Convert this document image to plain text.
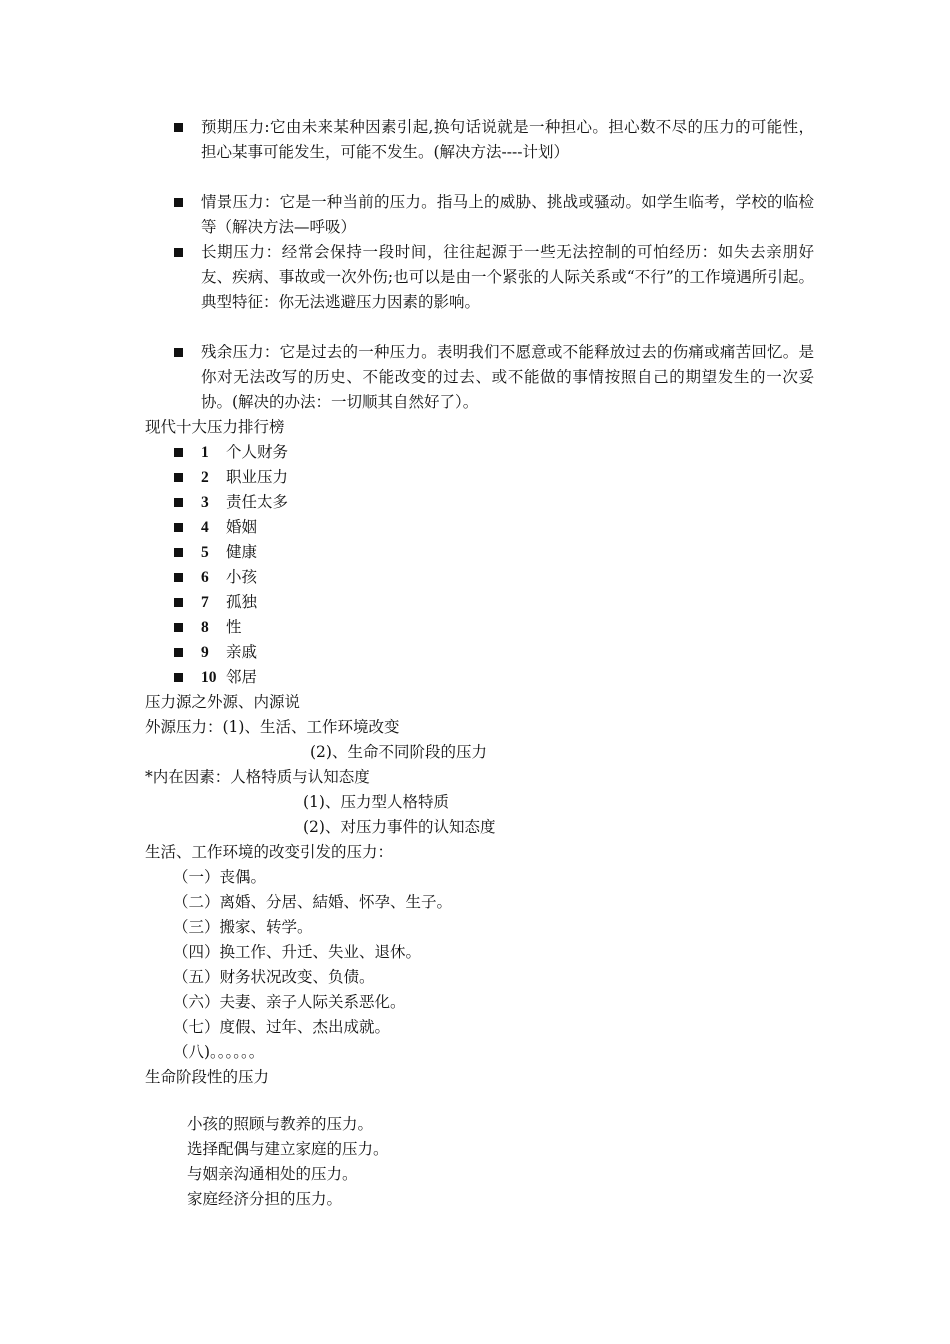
预期压力:它由未来某种因素引起,换句话说就是一种担心。担心数不尽的压力的可能性，担心某事可能发生，可能不发生。(解决方法----计划）
情景压力：它是一种当前的压力。指马上的威胁、挑战或骚动。如学生临考，学校的临检等（解决方法—呼吸）
长期压力：经常会保持一段时间，往往起源于一些无法控制的可怕经历：如失去亲朋好友、疾病、事故或一次外伤;也可以是由一个紧张的人际关系或“不行”的工作境遇所引起。典型特征：你无法逃避压力因素的影响。
残余压力：它是过去的一种压力。表明我们不愿意或不能释放过去的伤痛或痛苦回忆。是你对无法改写的历史、不能改变的过去、或不能做的事情按照自己的期望发生的一次妥协。(解决的办法：一切顺其自然好了）。
现代十大压力排行榜
1 个人财务
2 职业压力
3 责任太多
4 婚姻
5 健康
6 小孩
7 孤独
8 性
9 亲戚
10 邻居
压力源之外源、内源说
外源压力：(1)、生活、工作环境改变
(2)、生命不同阶段的压力
*内在因素：人格特质与认知态度
(1)、压力型人格特质
(2)、对压力事件的认知态度
生活、工作环境的改变引发的压力：
（一）丧偶。
（二）离婚、分居、結婚、怀孕、生子。
（三）搬家、转学。
（四）换工作、升迁、失业、退休。
（五）财务状况改变、负债。
（六）夫妻、亲子人际关系恶化。
（七）度假、过年、杰出成就。
（八)。。。。。。
生命阶段性的压力
小孩的照顾与教养的压力。
选择配偶与建立家庭的压力。
与姻亲沟通相处的压力。
家庭经济分担的压力。
